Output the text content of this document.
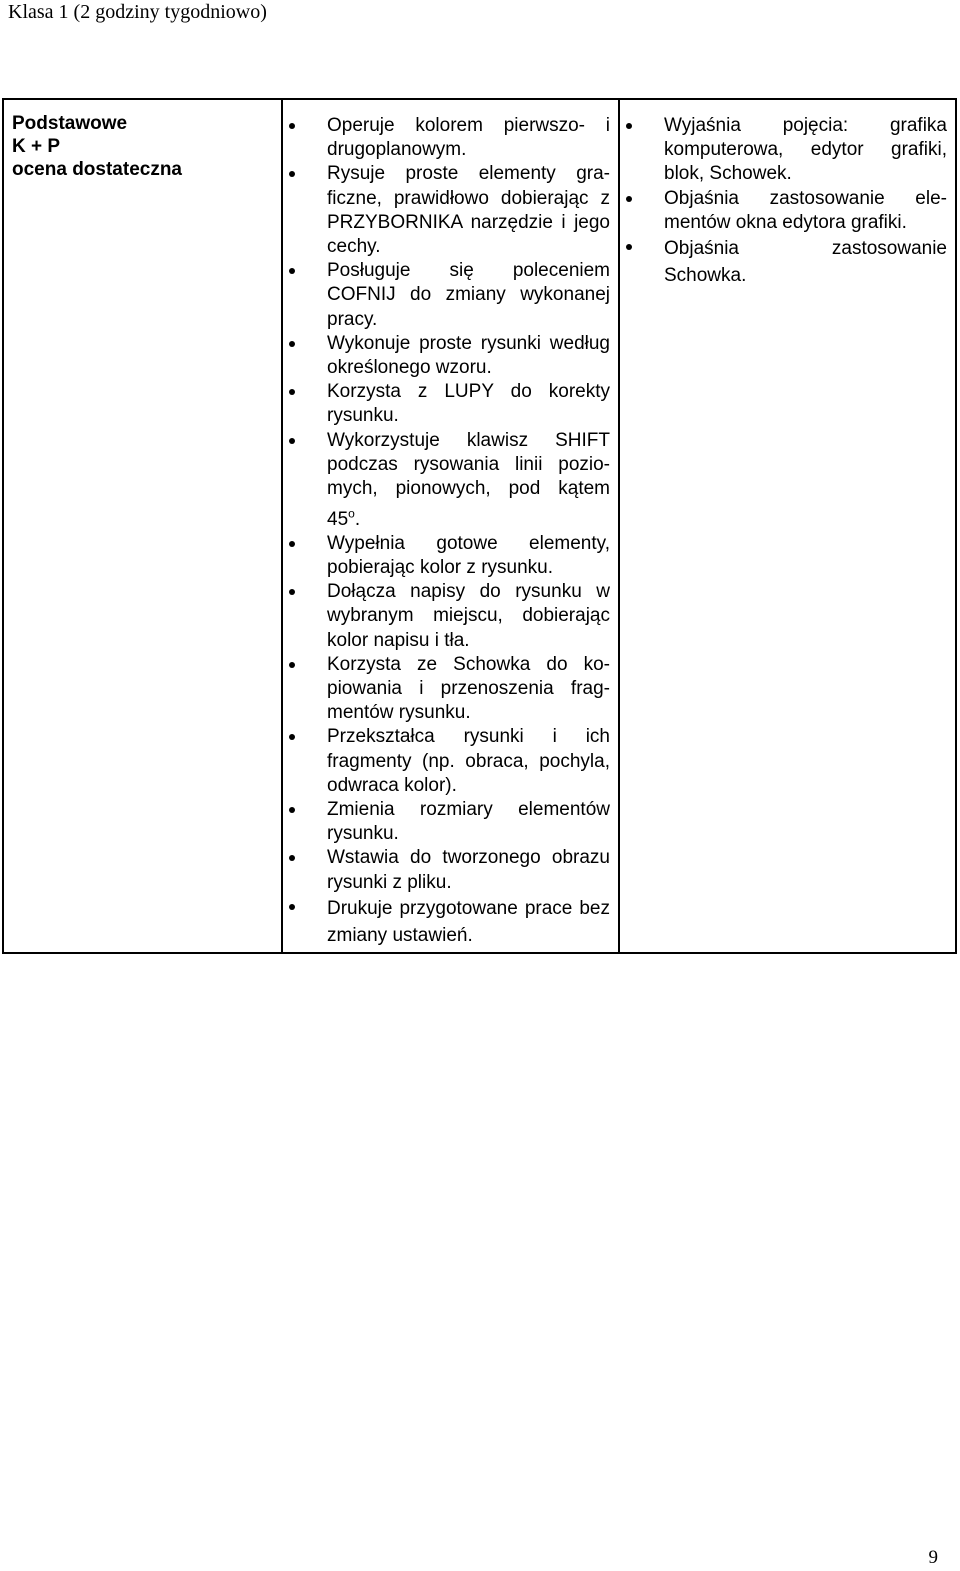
Klasa 1 (2 godziny tygodniowo)
Podstawowe
K + P
ocena dostateczna

Operuje kolorem pierwszo- i drugoplanowym.
Rysuje proste elementy graficzne, prawidłowo dobierając z PRZYBORNIKA narzędzie i jego cechy.
Posługuje się poleceniem COFNIJ do zmiany wykonanej pracy.
Wykonuje proste rysunki według określonego wzoru.
Korzysta z LUPY do korekty rysunku.
Wykorzystuje klawisz SHIFT podczas rysowania linii poziomych, pionowych, pod kątem 45$^o$.
Wypełnia gotowe elementy, pobierając kolor z rysunku.
Dołącza napisy do rysunku w wybranym miejscu, dobierając kolor napisu i tła.
Korzysta ze Schowka do kopiowania i przenoszenia fragmentów rysunku.
Przekształca rysunki i ich fragmenty (np. obraca, pochyla, odwraca kolor).
Zmienia rozmiary elementów rysunku.
Wstawia do tworzonego obrazu rysunki z pliku.
Drukuje przygotowane prace bez zmiany ustawień.

Wyjaśnia pojęcia: grafika komputerowa, edytor grafiki, blok, Schowek.
Objaśnia zastosowanie elementów okna edytora grafiki.
Objaśnia zastosowanie Schowka.
9
